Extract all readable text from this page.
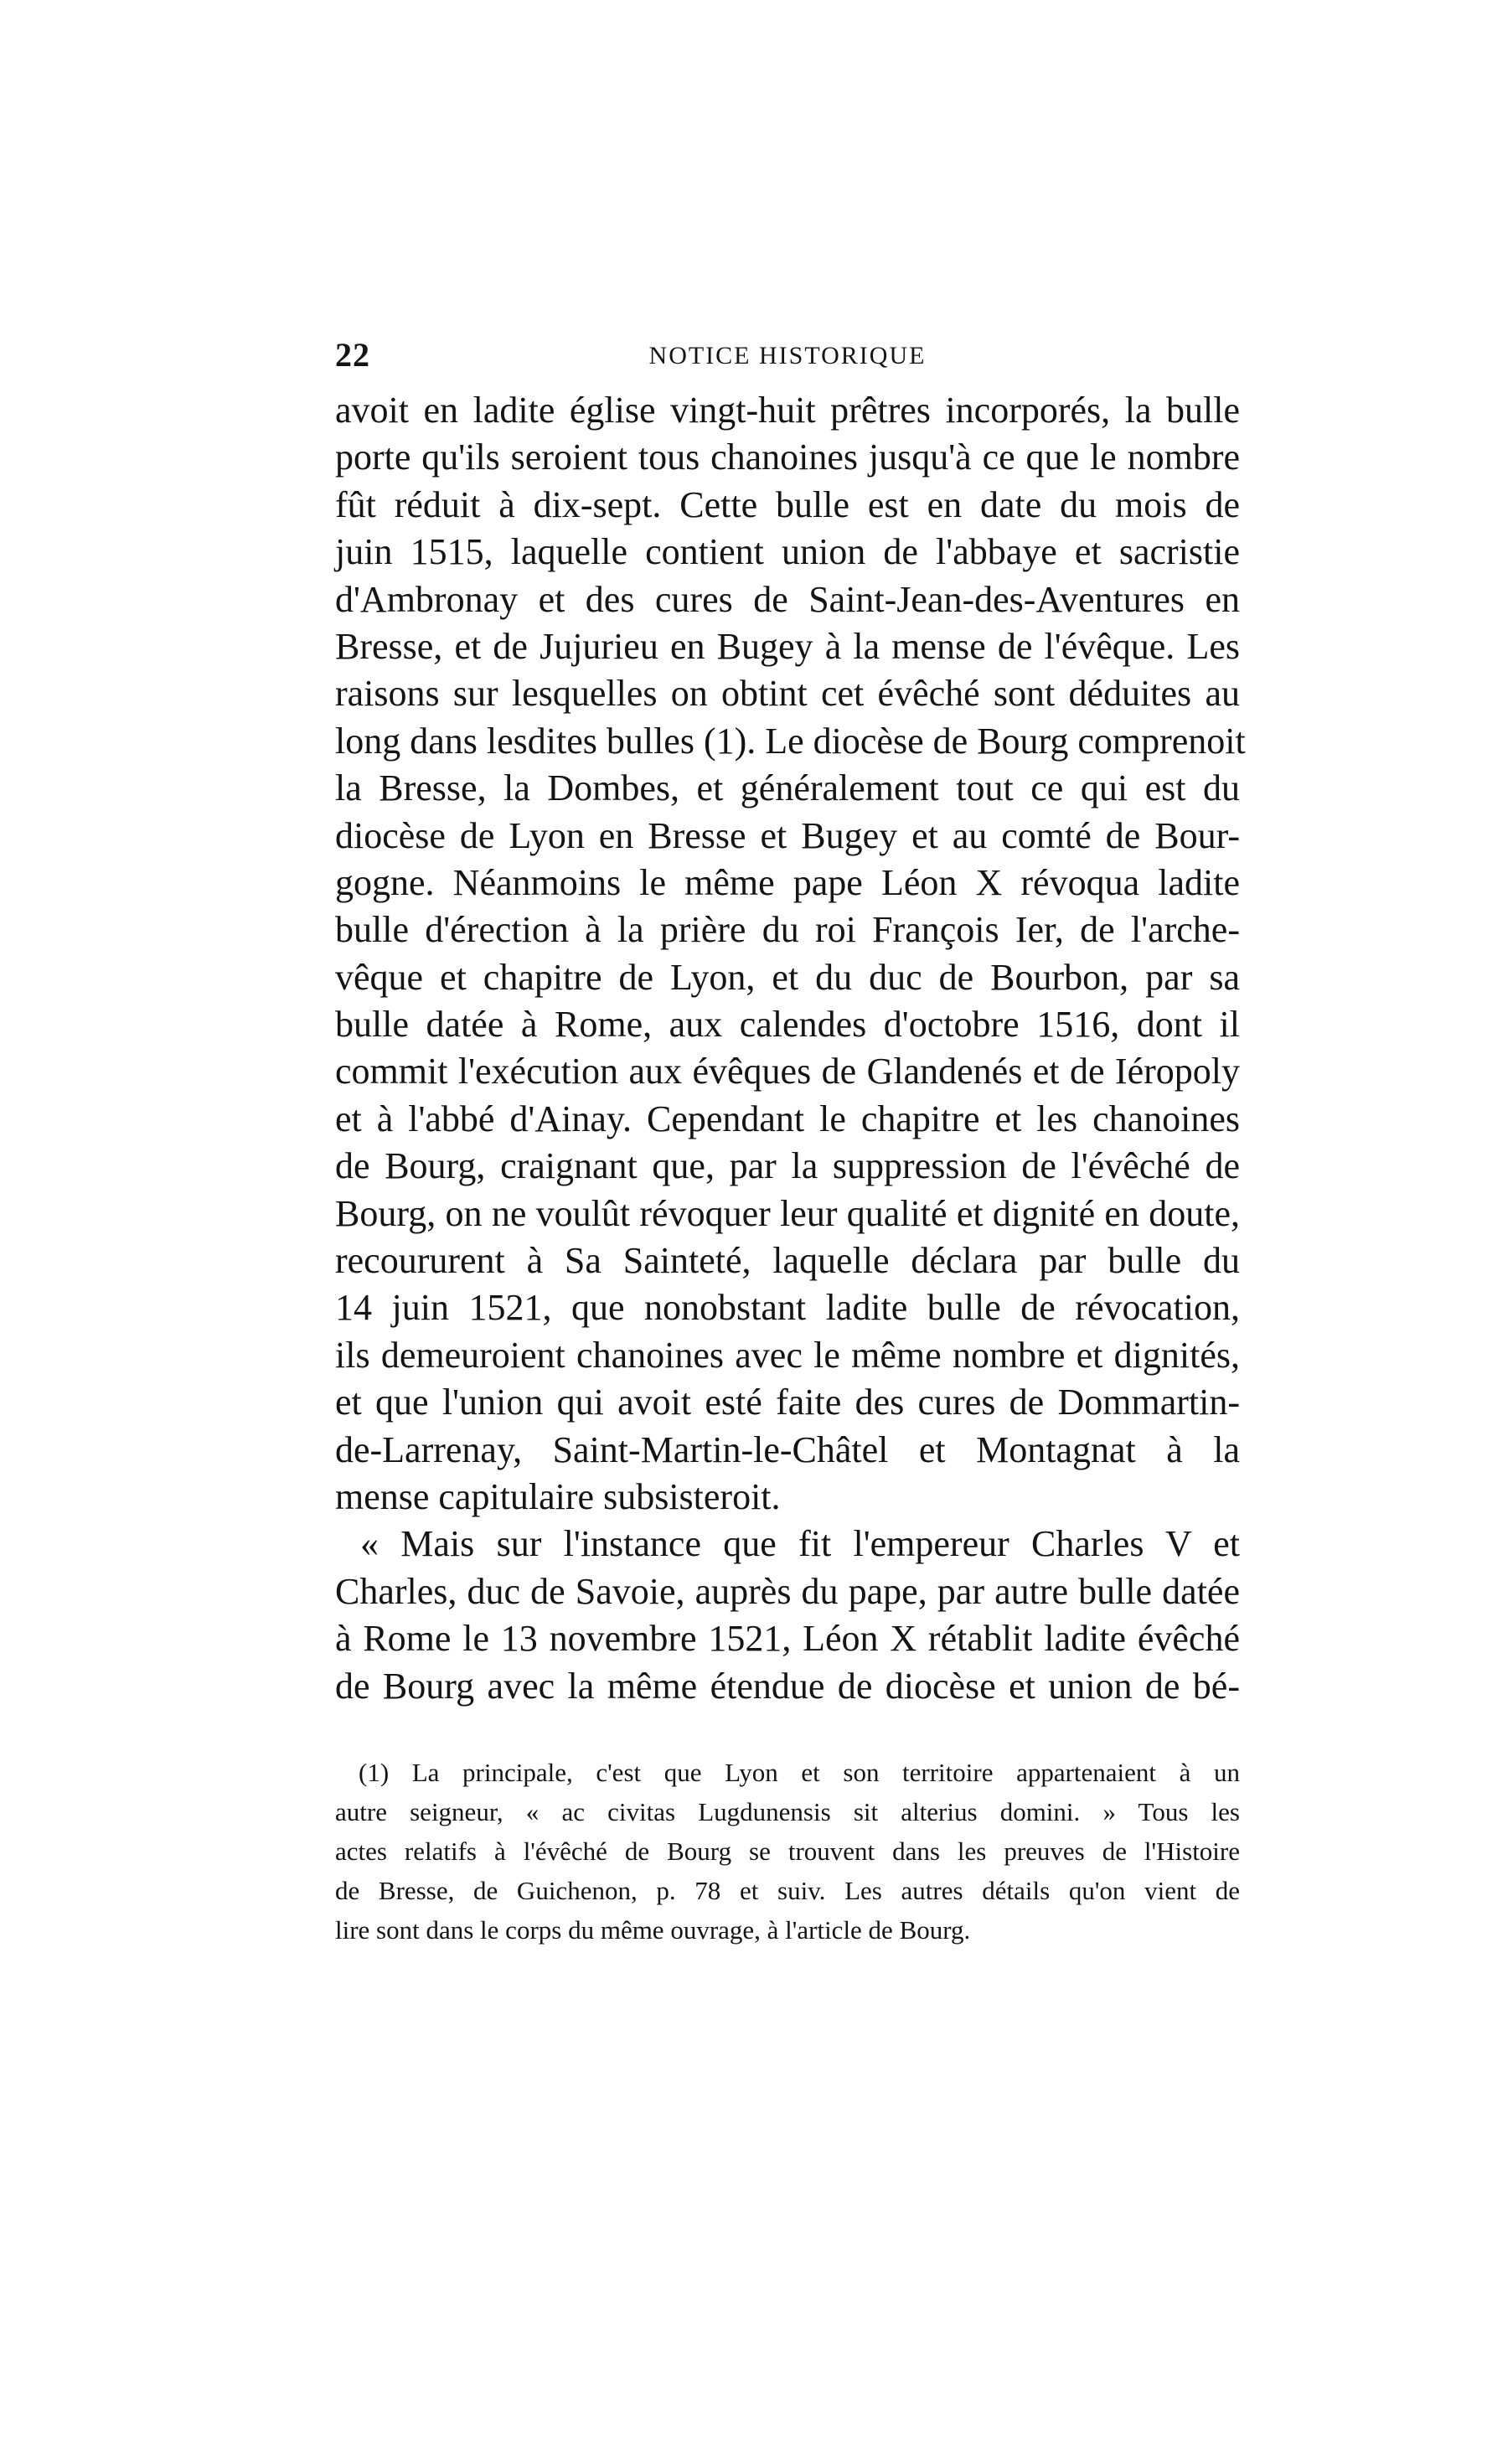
22	NOTICE HISTORIQUE
avoit en ladite église vingt-huit prêtres incorporés, la bulle
porte qu'ils seroient tous chanoines jusqu'à ce que le nombre
fût réduit à dix-sept. Cette bulle est en date du mois de
juin 1515, laquelle contient union de l'abbaye et sacristie
d'Ambronay et des cures de Saint-Jean-des-Aventures en
Bresse, et de Jujurieu en Bugey à la mense de l'évêque. Les
raisons sur lesquelles on obtint cet évêché sont déduites au
long dans lesdites bulles (1). Le diocèse de Bourg comprenoit
la Bresse, la Dombes, et généralement tout ce qui est du
diocèse de Lyon en Bresse et Bugey et au comté de Bour-
gogne. Néanmoins le même pape Léon X révoqua ladite
bulle d'érection à la prière du roi François Ier, de l'arche-
vêque et chapitre de Lyon, et du duc de Bourbon, par sa
bulle datée à Rome, aux calendes d'octobre 1516, dont il
commit l'exécution aux évêques de Glandenés et de Iéropoly
et à l'abbé d'Ainay. Cependant le chapitre et les chanoines
de Bourg, craignant que, par la suppression de l'évêché de
Bourg, on ne voulût révoquer leur qualité et dignité en doute,
recoururent à Sa Sainteté, laquelle déclara par bulle du
14 juin 1521, que nonobstant ladite bulle de révocation,
ils demeuroient chanoines avec le même nombre et dignités,
et que l'union qui avoit esté faite des cures de Dommartin-
de-Larrenay, Saint-Martin-le-Châtel et Montagnat à la
mense capitulaire subsisteroit.
« Mais sur l'instance que fit l'empereur Charles V et
Charles, duc de Savoie, auprès du pape, par autre bulle datée
à Rome le 13 novembre 1521, Léon X rétablit ladite évêché
de Bourg avec la même étendue de diocèse et union de bé-
(1) La principale, c'est que Lyon et son territoire appartenaient à un
autre seigneur, « ac civitas Lugdunensis sit alterius domini. » Tous les
actes relatifs à l'évêché de Bourg se trouvent dans les preuves de l'Histoire
de Bresse, de Guichenon, p. 78 et suiv. Les autres détails qu'on vient de
lire sont dans le corps du même ouvrage, à l'article de Bourg.
